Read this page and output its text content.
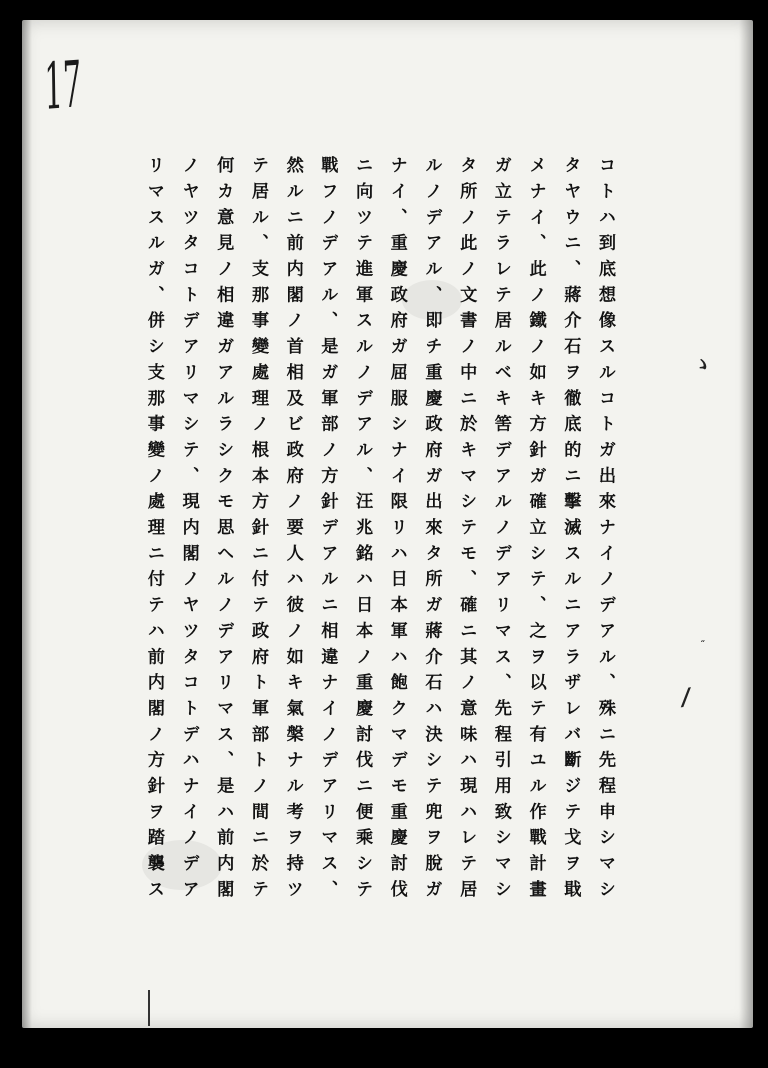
17
コトハ到底想像スルコトガ出來ナイノデアル、殊ニ先程申シマシ
タヤウニ、蔣介石ヲ徹底的ニ擊滅スルニアラザレバ斷ジテ戈ヲ戢
メナイ、此ノ鐵ノ如キ方針ガ確立シテ、之ヲ以テ有ユル作戰計畫
ガ立テラレテ居ルベキ筈デアルノデアリマス、先程引用致シマシ
タ所ノ此ノ文書ノ中ニ於キマシテモ、確ニ其ノ意味ハ現ハレテ居
ルノデアル、即チ重慶政府ガ出來タ所ガ蔣介石ハ決シテ兜ヲ脫ガ
ナイ、重慶政府ガ屈服シナイ限リハ日本軍ハ飽クマデモ重慶討伐
ニ向ツテ進軍スルノデアル、汪兆銘ハ日本ノ重慶討伐ニ便乘シテ
戰フノデアル、是ガ軍部ノ方針デアルニ相違ナイノデアリマス、
然ルニ前内閣ノ首相及ビ政府ノ要人ハ彼ノ如キ氣槃ナル考ヲ持ツ
テ居ル、支那事變處理ノ根本方針ニ付テ政府ト軍部トノ間ニ於テ
何カ意見ノ相違ガアルラシクモ思ヘルノデアリマス、是ハ前内閣
ノヤツタコトデアリマシテ、現内閣ノヤツタコトデハナイノデア
リマスルガ、併シ支那事變ノ處理ニ付テハ前内閣ノ方針ヲ踏襲ス	ゝ
˝
⁄
